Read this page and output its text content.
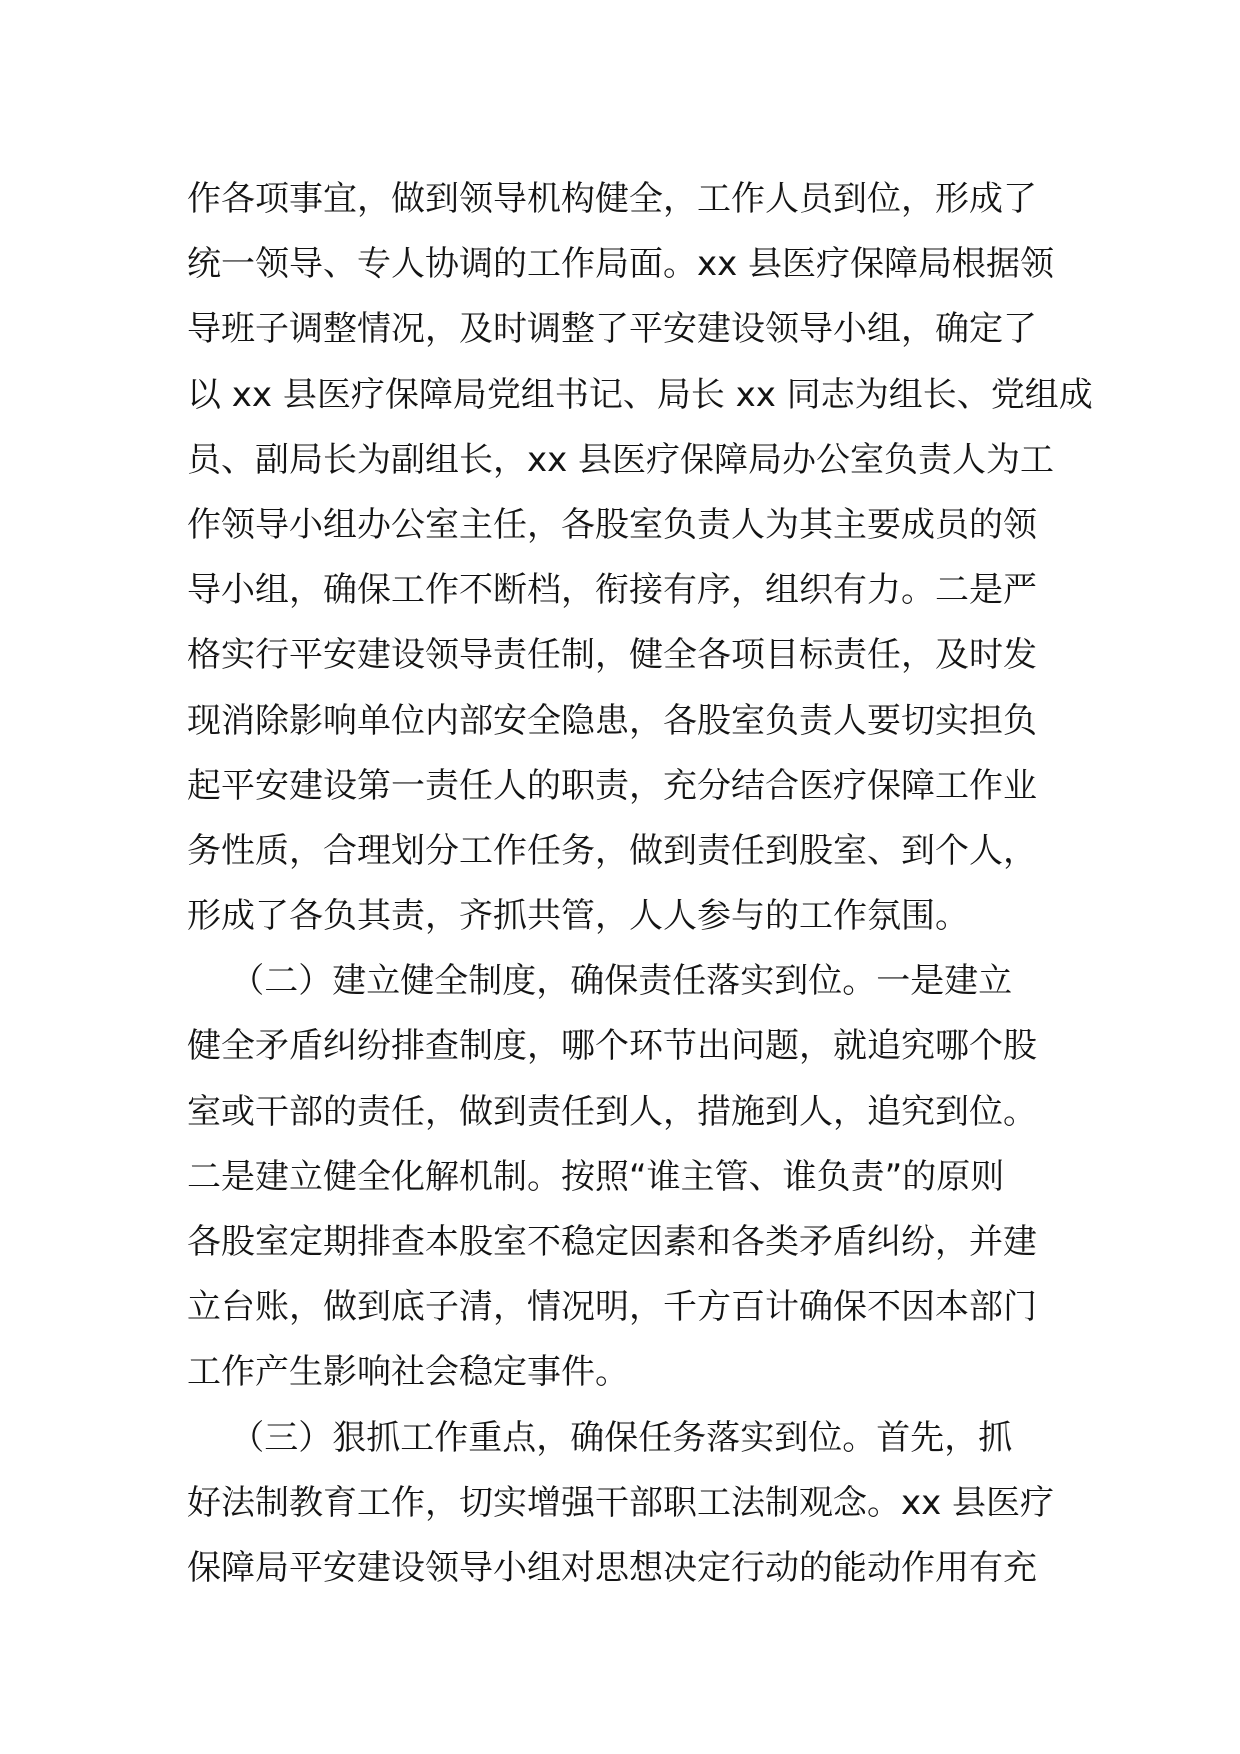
作各项事宜，做到领导机构健全，工作人员到位，形成了
统一领导、专人协调的工作局面。xx 县医疗保障局根据领
导班子调整情况，及时调整了平安建设领导小组，确定了
以 xx 县医疗保障局党组书记、局长 xx 同志为组长、党组成
员、副局长为副组长，xx 县医疗保障局办公室负责人为工
作领导小组办公室主任，各股室负责人为其主要成员的领
导小组，确保工作不断档，衔接有序，组织有力。二是严
格实行平安建设领导责任制，健全各项目标责任，及时发
现消除影响单位内部安全隐患，各股室负责人要切实担负
起平安建设第一责任人的职责，充分结合医疗保障工作业
务性质，合理划分工作任务，做到责任到股室、到个人，
形成了各负其责，齐抓共管，人人参与的工作氛围。
（二）建立健全制度，确保责任落实到位。一是建立
健全矛盾纠纷排查制度，哪个环节出问题，就追究哪个股
室或干部的责任，做到责任到人，措施到人，追究到位。
二是建立健全化解机制。按照“谁主管、谁负责”的原则
各股室定期排查本股室不稳定因素和各类矛盾纠纷，并建
立台账，做到底子清，情况明，千方百计确保不因本部门
工作产生影响社会稳定事件。
（三）狠抓工作重点，确保任务落实到位。首先，抓
好法制教育工作，切实增强干部职工法制观念。xx 县医疗
保障局平安建设领导小组对思想决定行动的能动作用有充
